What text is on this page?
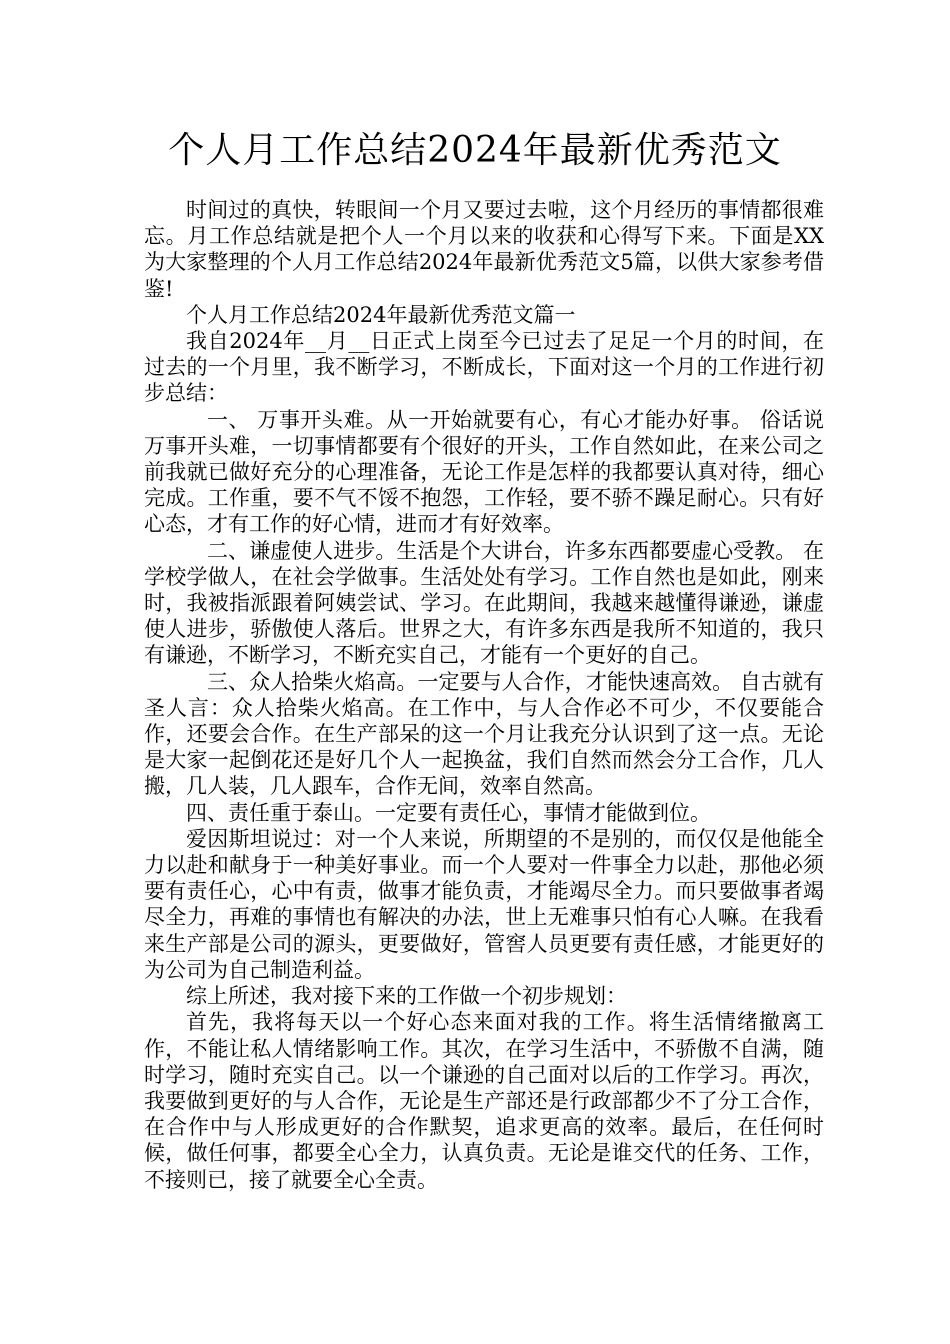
个人月工作总结2024年最新优秀范文

时间过的真快，转眼间一个月又要过去啦，这个月经历的事情都很难忘。月工作总结就是把个人一个月以来的收获和心得写下来。下面是XX为大家整理的个人月工作总结2024年最新优秀范文5篇，以供大家参考借鉴!

个人月工作总结2024年最新优秀范文篇一

我自2024年__月__日正式上岗至今已过去了足足一个月的时间，在过去的一个月里，我不断学习，不断成长，下面对这一个月的工作进行初步总结：

一、 万事开头难。从一开始就要有心，有心才能办好事。 俗话说万事开头难，一切事情都要有个很好的开头，工作自然如此，在来公司之前我就已做好充分的心理准备，无论工作是怎样的我都要认真对待，细心完成。工作重，要不气不馁不抱怨，工作轻，要不骄不躁足耐心。只有好心态，才有工作的好心情，进而才有好效率。

二、谦虚使人进步。生活是个大讲台，许多东西都要虚心受教。 在学校学做人，在社会学做事。生活处处有学习。工作自然也是如此，刚来时，我被指派跟着阿姨尝试、学习。在此期间，我越来越懂得谦逊，谦虚使人进步，骄傲使人落后。世界之大，有许多东西是我所不知道的，我只有谦逊，不断学习，不断充实自己，才能有一个更好的自己。

三、众人拾柴火焰高。一定要与人合作，才能快速高效。 自古就有圣人言：众人拾柴火焰高。在工作中，与人合作必不可少，不仅要能合作，还要会合作。在生产部呆的这一个月让我充分认识到了这一点。无论是大家一起倒花还是好几个人一起换盆，我们自然而然会分工合作，几人搬，几人装，几人跟车，合作无间，效率自然高。

四、责任重于泰山。一定要有责任心，事情才能做到位。

爱因斯坦说过：对一个人来说，所期望的不是别的，而仅仅是他能全力以赴和献身于一种美好事业。而一个人要对一件事全力以赴，那他必须要有责任心，心中有责，做事才能负责，才能竭尽全力。而只要做事者竭尽全力，再难的事情也有解决的办法，世上无难事只怕有心人嘛。在我看来生产部是公司的源头，更要做好，管窖人员更要有责任感，才能更好的为公司为自己制造利益。

综上所述，我对接下来的工作做一个初步规划：

首先，我将每天以一个好心态来面对我的工作。将生活情绪撤离工作，不能让私人情绪影响工作。其次，在学习生活中，不骄傲不自满，随时学习，随时充实自己。以一个谦逊的自己面对以后的工作学习。再次，我要做到更好的与人合作，无论是生产部还是行政部都少不了分工合作，在合作中与人形成更好的合作默契，追求更高的效率。最后，在任何时候，做任何事，都要全心全力，认真负责。无论是谁交代的任务、工作，不接则已，接了就要全心全责。
